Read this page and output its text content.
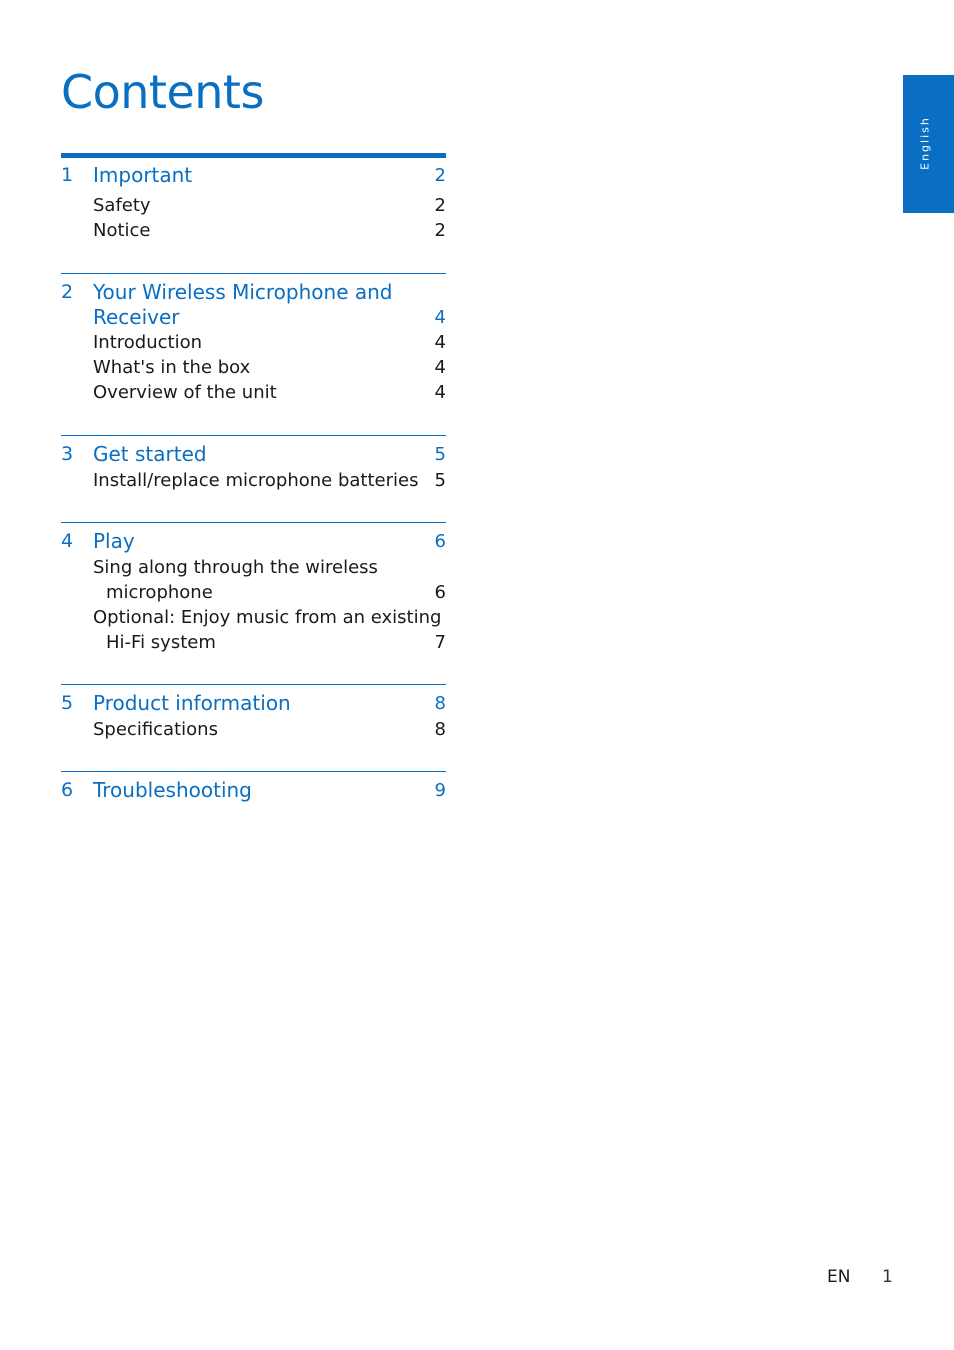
Contents
English
1 Important	2
Safety	2
Notice	2
2 Your Wireless Microphone and
Receiver	4
Introduction	4
What's in the box	4
Overview of the unit	4
3 Get started	5
Install/replace microphone batteries 5
4 Play	6
Sing along through the wireless
microphone	6
Optional: Enjoy music from an existing
Hi-Fi system	7
5 Product information	8
Specifications	8
6 Troubleshooting	9
EN 1
